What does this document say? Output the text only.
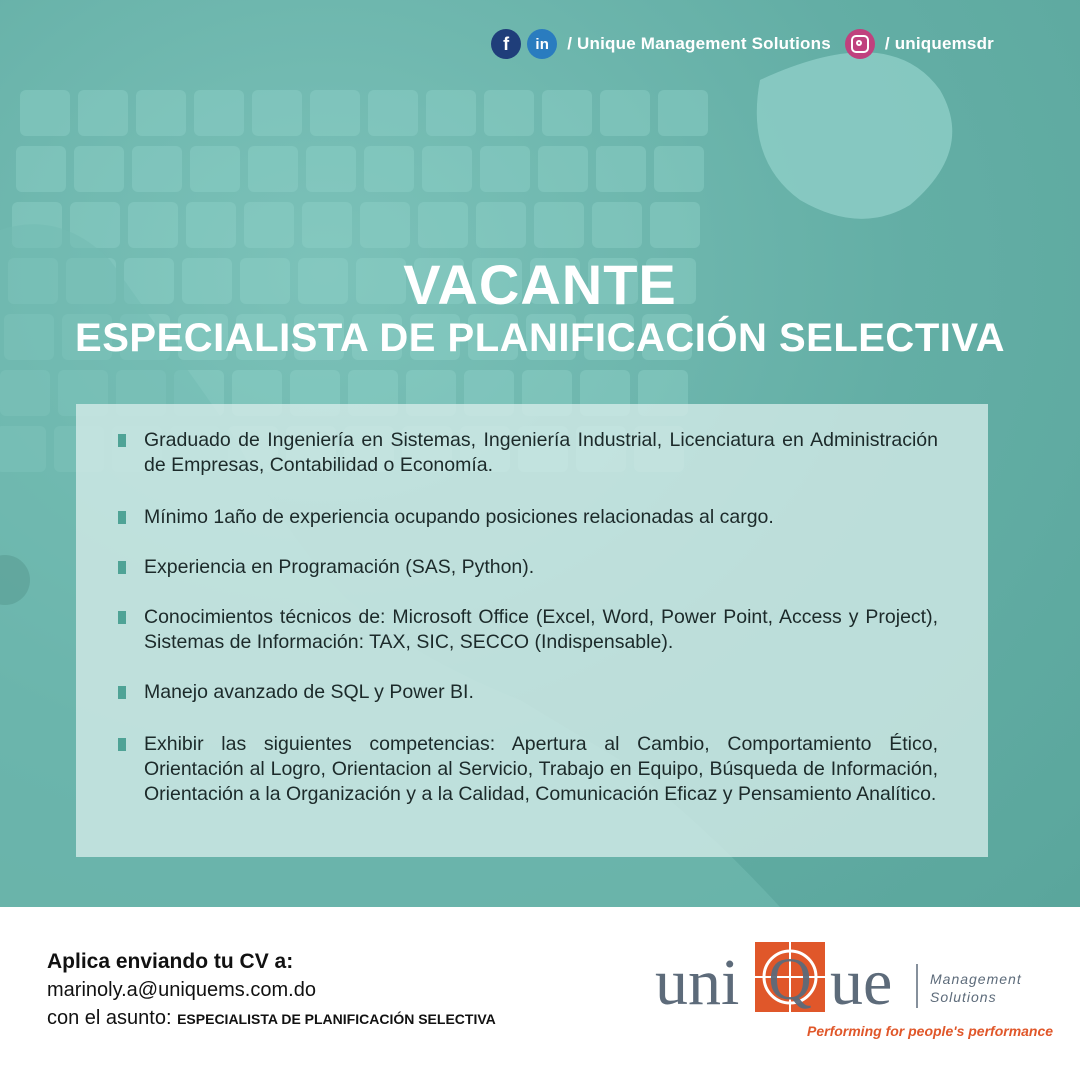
f	in	/ Unique Management Solutions	/ uniquemsdr
VACANTE
ESPECIALISTA DE PLANIFICACIÓN SELECTIVA
Graduado de Ingeniería en Sistemas, Ingeniería Industrial, Licenciatura en Administración de Empresas, Contabilidad o Economía.
Mínimo 1año de experiencia ocupando posiciones relacionadas al cargo.
Experiencia en Programación (SAS, Python).
Conocimientos técnicos de: Microsoft Office (Excel, Word, Power Point, Access y Project), Sistemas de Información: TAX, SIC, SECCO (Indispensable).
Manejo avanzado de SQL y Power BI.
Exhibir las siguientes competencias: Apertura al Cambio, Comportamiento Ético, Orientación al Logro, Orientacion al Servicio, Trabajo en Equipo, Búsqueda de Información, Orientación a la Organización y a la Calidad, Comunicación Eficaz y Pensamiento Analítico.
Aplica enviando tu CV a:
marinoly.a@uniquems.com.do
con el asunto: ESPECIALISTA DE PLANIFICACIÓN SELECTIVA uni Q ue	Management
Solutions
Performing for people's performance
